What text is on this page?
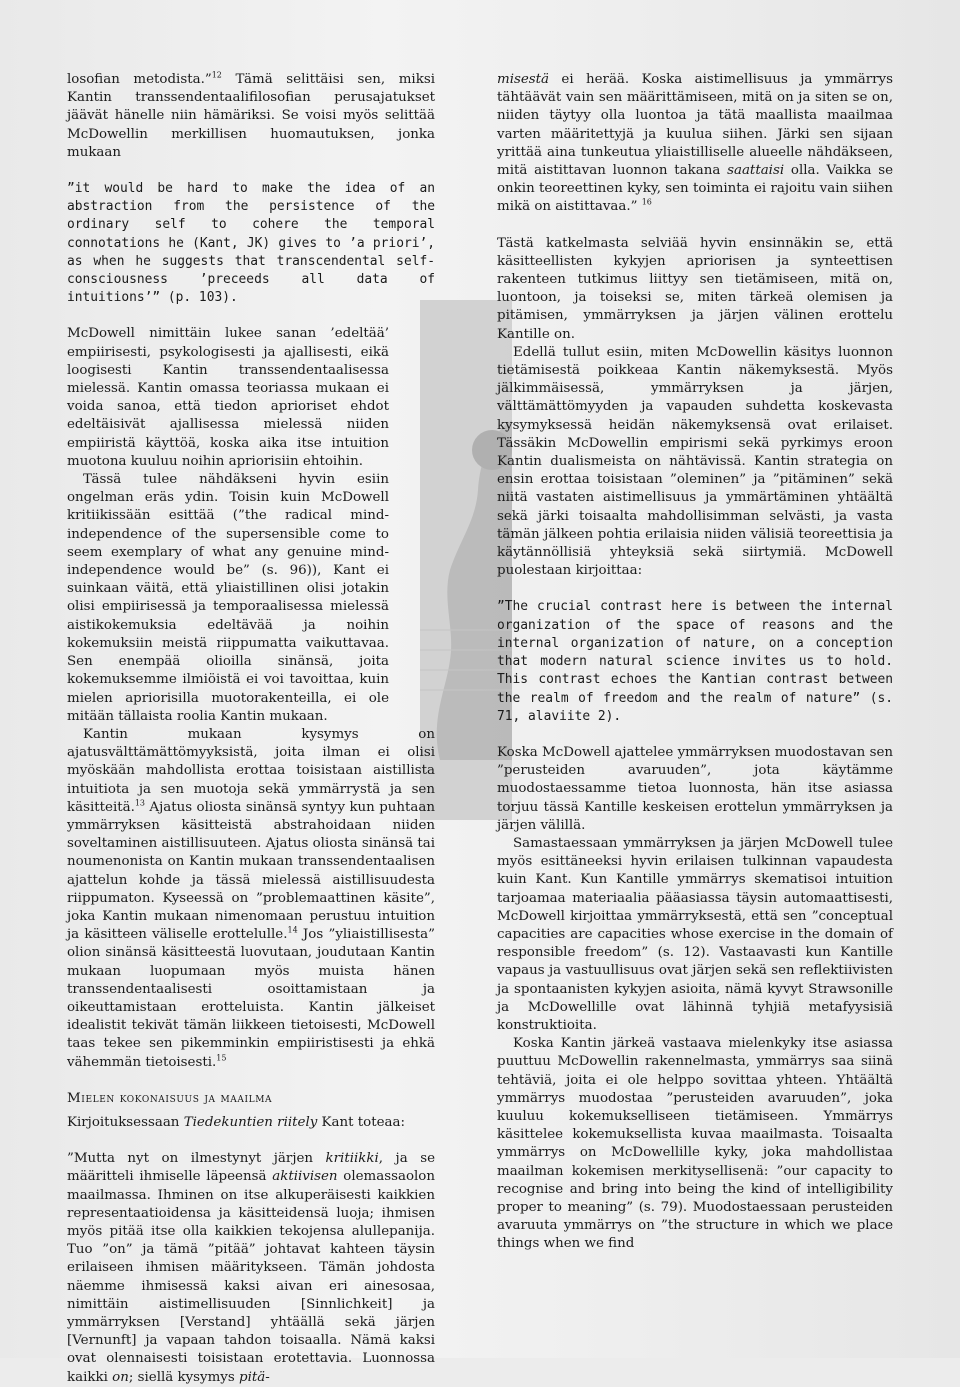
losofian metodista.”$^{12}$ Tämä selittäisi sen, miksi Kantin transsendentaalifilosofian perusajatukset jäävät hänelle niin hämäriksi. Se voisi myös selittää McDowellin merkillisen huomautuksen, jonka mukaan

”it would be hard to make the idea of an abstraction from the persistence of the ordinary self to cohere the temporal connotations he (Kant, JK) gives to ’a priori’, as when he suggests that transcendental self-consciousness ’preceeds all data of intuitions’” (p. 103).

McDowell nimittäin lukee sanan ’edeltää’ empiirisesti, psykologisesti ja ajallisesti, eikä loogisesti Kantin transsendentaalisessa mielessä. Kantin omassa teoriassa mukaan ei voida sanoa, että tiedon aprioriset ehdot edeltäisivät ajallisessa mielessä niiden empiiristä käyttöä, koska aika itse intuition muotona kuuluu noihin apriorisiin ehtoihin.

Tässä tulee nähdäkseni hyvin esiin ongelman eräs ydin. Toisin kuin McDowell kritiikissään esittää (”the radical mind-independence of the supersensible come to seem exemplary of what any genuine mind-independence would be” (s. 96)), Kant ei suinkaan väitä, että yliaistillinen olisi jotakin olisi empiirisessä ja temporaalisessa mielessä aistikokemuksia edeltävää ja noihin kokemuksiin meistä riippumatta vaikuttavaa. Sen enempää olioilla sinänsä, joita kokemuksemme ilmiöistä ei voi tavoittaa, kuin mielen apriorisilla muotorakenteilla, ei ole mitään tällaista roolia Kantin mukaan.

Kantin mukaan kysymys on ajatusvälttämättömyyksistä, joita ilman ei olisi myöskään mahdollista erottaa toisistaan aistillista intuitiota ja sen muotoja sekä ymmärrystä ja sen käsitteitä.$^{13}$ Ajatus oliosta sinänsä syntyy kun puhtaan ymmärryksen käsitteistä abstrahoidaan niiden soveltaminen aistillisuuteen. Ajatus oliosta sinänsä tai noumenonista on Kantin mukaan transsendentaalisen ajattelun kohde ja tässä mielessä aistillisuudesta riippumaton. Kyseessä on ”problemaattinen käsite”, joka Kantin mukaan nimenomaan perustuu intuition ja käsitteen väliselle erottelulle.$^{14}$ Jos ”yliaistillisesta” olion sinänsä käsitteestä luovutaan, joudutaan Kantin mukaan luopumaan myös muista hänen transsendentaalisesti osoittamistaan ja oikeuttamistaan erotteluista. Kantin jälkeiset idealistit tekivät tämän liikkeen tietoisesti, McDowell taas tekee sen pikemminkin empiiristisesti ja ehkä vähemmän tietoisesti.$^{15}$

Mielen kokonaisuus ja maailma

Kirjoituksessaan Tiedekuntien riitely Kant toteaa:

”Mutta nyt on ilmestynyt järjen kritiikki, ja se määritteli ihmiselle läpeensä aktiivisen olemassaolon maailmassa. Ihminen on itse alkuperäisesti kaikkien representaatioidensa ja käsitteidensä luoja; ihmisen myös pitää itse olla kaikkien tekojensa alullepanija. Tuo ”on” ja tämä ”pitää” johtavat kahteen täysin erilaiseen ihmisen määritykseen. Tämän johdosta näemme ihmisessä kaksi aivan eri ainesosaa, nimittäin aistimellisuuden [Sinnlichkeit] ja ymmärryksen [Verstand] yhtäällä sekä järjen [Vernunft] ja vapaan tahdon toisaalla. Nämä kaksi ovat olennaisesti toisistaan erotettavia. Luonnossa kaikki on; siellä kysymys pitä-

misestä ei herää. Koska aistimellisuus ja ymmärrys tähtäävät vain sen määrittämiseen, mitä on ja siten se on, niiden täytyy olla luontoa ja tätä maallista maailmaa varten määritettyjä ja kuulua siihen. Järki sen sijaan yrittää aina tunkeutua yliaistilliselle alueelle nähdäkseen, mitä aistittavan luonnon takana saattaisi olla. Vaikka se onkin teoreettinen kyky, sen toiminta ei rajoitu vain siihen mikä on aistittavaa.” $^{16}$

Tästä katkelmasta selviää hyvin ensinnäkin se, että käsitteellisten kykyjen apriorisen ja synteettisen rakenteen tutkimus liittyy sen tietämiseen, mitä on, luontoon, ja toiseksi se, miten tärkeä olemisen ja pitämisen, ymmärryksen ja järjen välinen erottelu Kantille on.

Edellä tullut esiin, miten McDowellin käsitys luonnon tietämisestä poikkeaa Kantin näkemyksestä. Myös jälkimmäisessä, ymmärryksen ja järjen, välttämättömyyden ja vapauden suhdetta koskevasta kysymyksessä heidän näkemyksensä ovat erilaiset. Tässäkin McDowellin empirismi sekä pyrkimys eroon Kantin dualismeista on nähtävissä. Kantin strategia on ensin erottaa toisistaan ”oleminen” ja ”pitäminen” sekä niitä vastaten aistimellisuus ja ymmärtäminen yhtäältä sekä järki toisaalta mahdollisimman selvästi, ja vasta tämän jälkeen pohtia erilaisia niiden välisiä teoreettisia ja käytännöllisiä yhteyksiä sekä siirtymiä. McDowell puolestaan kirjoittaa:

”The crucial contrast here is between the internal organization of the space of reasons and the internal organization of nature, on a conception that modern natural science invites us to hold. This contrast echoes the Kantian contrast between the realm of freedom and the realm of nature” (s. 71, alaviite 2).

Koska McDowell ajattelee ymmärryksen muodostavan sen ”perusteiden avaruuden”, jota käytämme muodostaessamme tietoa luonnosta, hän itse asiassa torjuu tässä Kantille keskeisen erottelun ymmärryksen ja järjen välillä.

Samastaessaan ymmärryksen ja järjen McDowell tulee myös esittäneeksi hyvin erilaisen tulkinnan vapaudesta kuin Kant. Kun Kantille ymmärrys skematisoi intuition tarjoamaa materiaalia pääasiassa täysin automaattisesti, McDowell kirjoittaa ymmärryksestä, että sen ”conceptual capacities are capacities whose exercise in the domain of responsible freedom” (s. 12). Vastaavasti kun Kantille vapaus ja vastuullisuus ovat järjen sekä sen reflektiivisten ja spontaanisten kykyjen asioita, nämä kyvyt Strawsonille ja McDowellille ovat lähinnä tyhjiä metafyysisiä konstruktioita.

Koska Kantin järkeä vastaava mielenkyky itse asiassa puuttuu McDowellin rakennelmasta, ymmärrys saa siinä tehtäviä, joita ei ole helppo sovittaa yhteen. Yhtäältä ymmärrys muodostaa ”perusteiden avaruuden”, joka kuuluu kokemukselliseen tietämiseen. Ymmärrys käsittelee kokemuksellista kuvaa maailmasta. Toisaalta ymmärrys on McDowellille kyky, joka mahdollistaa maailman kokemisen merkitysellisenä: ”our capacity to recognise and bring into being the kind of intelligibility proper to meaning” (s. 79). Muodostaessaan perusteiden avaruuta ymmärrys on ”the structure in which we place things when we find
